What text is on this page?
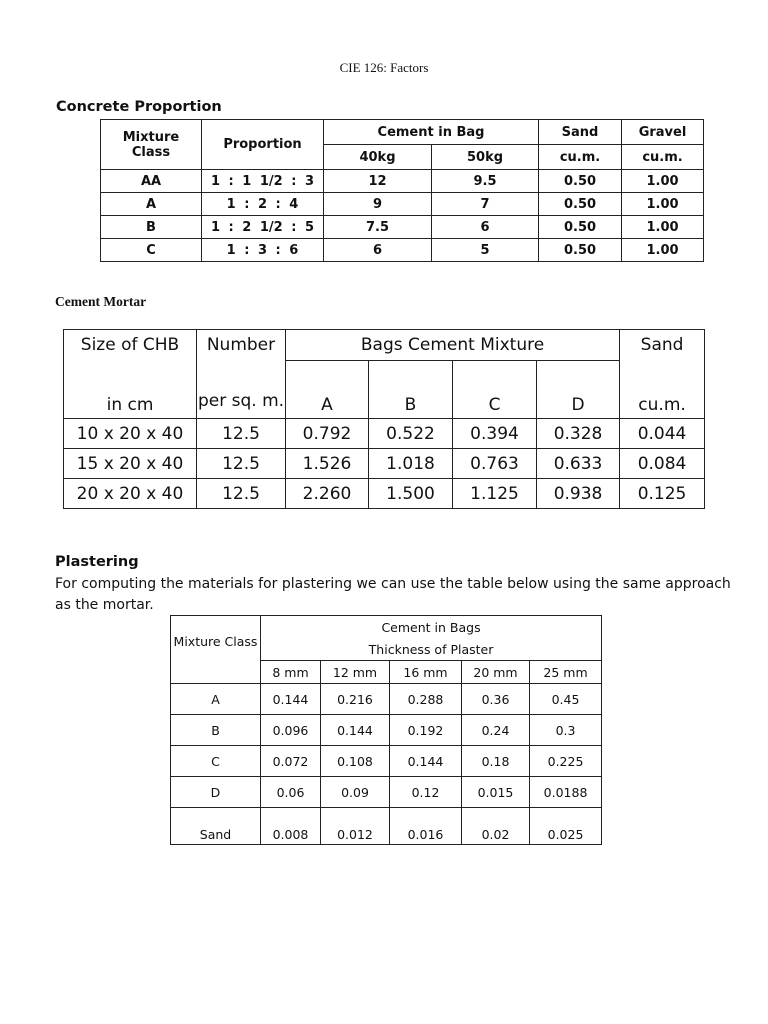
CIE 126: Factors
Concrete Proportion
Mixture
Class	Proportion	Cement in Bag		Sand	Gravel
		40kg	50kg	cu.m.	cu.m.
AA	1 : 1 1/2 : 3	12	9.5	0.50	1.00
A	1 : 2 : 4	9	7	0.50	1.00
B	1 : 2 1/2 : 5	7.5	6	0.50	1.00
C	1 : 3 : 6	6	5	0.50	1.00
Cement Mortar
Size of CHB	Number	Bags Cement Mixture				Sand
in cm	per sq. m.	A	B	C	D	cu.m.
10 x 20 x 40	12.5	0.792	0.522	0.394	0.328	0.044
15 x 20 x 40	12.5	1.526	1.018	0.763	0.633	0.084
20 x 20 x 40	12.5	2.260	1.500	1.125	0.938	0.125
Plastering
For computing the materials for plastering we can use the table below using the same approach as the mortar.
Mixture Class	Cement in Bags				
	Thickness of Plaster				
	8 mm	12 mm	16 mm	20 mm	25 mm
A	0.144	0.216	0.288	0.36	0.45
B	0.096	0.144	0.192	0.24	0.3
C	0.072	0.108	0.144	0.18	0.225
D	0.06	0.09	0.12	0.015	0.0188
Sand	0.008	0.012	0.016	0.02	0.025
